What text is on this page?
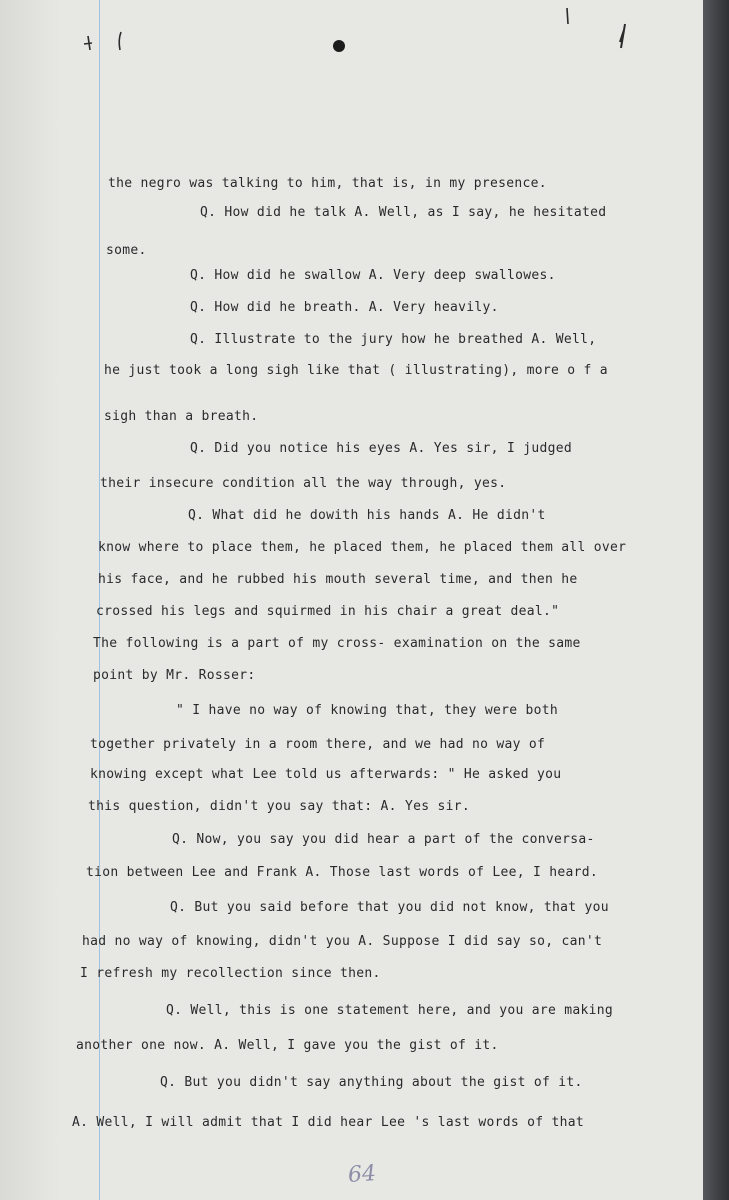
the negro was talking to him, that is, in my presence.
Q. How did he talk A. Well, as I say, he hesitated
some.
Q. How did he swallow A. Very deep swallowes.
Q. How did he breath. A. Very heavily.
Q. Illustrate to the jury how he breathed A. Well,
he just took a long sigh like that ( illustrating), more o f a
sigh than a breath.
Q. Did you notice his eyes A. Yes sir, I judged
their insecure condition all the way through, yes.
Q. What did he dowith his hands A. He didn't
know where to place them, he placed them, he placed them all over
his face, and he rubbed his mouth several time, and then he
crossed his legs and squirmed in his chair a great deal."
The following is a part of my cross- examination on the same
point by Mr. Rosser:
" I have no way of knowing that, they were both
together privately in a room there, and we had no way of
knowing except what Lee told us afterwards: " He asked you
this question, didn't you say that: A. Yes sir.
Q. Now, you say you did hear a part of the conversa-
tion between Lee and Frank A. Those last words of Lee, I heard.
Q. But you said before that you did not know, that you
had no way of knowing, didn't you A. Suppose I did say so, can't
I refresh my recollection since then.
Q. Well, this is one statement here, and you are making
another one now. A. Well, I gave you the gist of it.
Q. But you didn't say anything about the gist of it.
A. Well, I will admit that I did hear Lee 's last words of that
64
